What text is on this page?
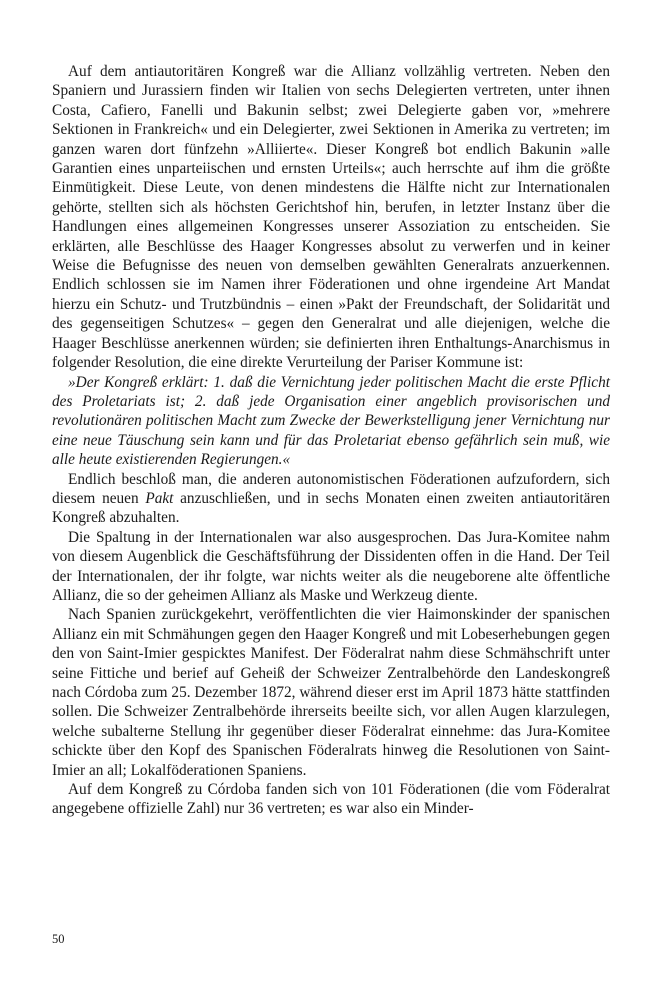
Auf dem antiautoritären Kongreß war die Allianz vollzählig vertreten. Neben den Spaniern und Jurassiern finden wir Italien von sechs Delegierten vertreten, unter ihnen Costa, Cafiero, Fanelli und Bakunin selbst; zwei Delegierte gaben vor, »mehrere Sektionen in Frankreich« und ein Delegierter, zwei Sektionen in Amerika zu vertreten; im ganzen waren dort fünfzehn »Alliierte«. Dieser Kongreß bot endlich Bakunin »alle Garantien eines unparteiischen und ernsten Urteils«; auch herrschte auf ihm die größte Einmütigkeit. Diese Leute, von denen mindestens die Hälfte nicht zur Internationalen gehörte, stellten sich als höchsten Gerichtshof hin, berufen, in letzter Instanz über die Handlungen eines allgemeinen Kongresses unserer Assoziation zu entscheiden. Sie erklärten, alle Beschlüsse des Haager Kongresses absolut zu verwerfen und in keiner Weise die Befugnisse des neuen von demselben gewählten Generalrats anzuerkennen. Endlich schlossen sie im Namen ihrer Föderationen und ohne irgendeine Art Mandat hierzu ein Schutz- und Trutzbündnis – einen »Pakt der Freundschaft, der Solidarität und des gegenseitigen Schutzes« – gegen den Generalrat und alle diejenigen, welche die Haager Beschlüsse anerkennen würden; sie definierten ihren Enthaltungs-Anarchismus in folgender Resolution, die eine direkte Verurteilung der Pariser Kommune ist:

»Der Kongreß erklärt: 1. daß die Vernichtung jeder politischen Macht die erste Pflicht des Proletariats ist; 2. daß jede Organisation einer angeblich provisorischen und revolutionären politischen Macht zum Zwecke der Bewerkstelligung jener Vernichtung nur eine neue Täuschung sein kann und für das Proletariat ebenso gefährlich sein muß, wie alle heute existierenden Regierungen.«

Endlich beschloß man, die anderen autonomistischen Föderationen aufzufordern, sich diesem neuen Pakt anzuschließen, und in sechs Monaten einen zweiten antiautoritären Kongreß abzuhalten.

Die Spaltung in der Internationalen war also ausgesprochen. Das Jura-Komitee nahm von diesem Augenblick die Geschäftsführung der Dissidenten offen in die Hand. Der Teil der Internationalen, der ihr folgte, war nichts weiter als die neugeborene alte öffentliche Allianz, die so der geheimen Allianz als Maske und Werkzeug diente.

Nach Spanien zurückgekehrt, veröffentlichten die vier Haimonskinder der spanischen Allianz ein mit Schmähungen gegen den Haager Kongreß und mit Lobeserhebungen gegen den von Saint-Imier gespicktes Manifest. Der Föderalrat nahm diese Schmähschrift unter seine Fittiche und berief auf Geheiß der Schweizer Zentralbehörde den Landeskongreß nach Córdoba zum 25. Dezember 1872, während dieser erst im April 1873 hätte stattfinden sollen. Die Schweizer Zentralbehörde ihrerseits beeilte sich, vor allen Augen klarzulegen, welche subalterne Stellung ihr gegenüber dieser Föderalrat einnehme: das Jura-Komitee schickte über den Kopf des Spanischen Föderalrats hinweg die Resolutionen von Saint-Imier an all; Lokalföderationen Spaniens.

Auf dem Kongreß zu Córdoba fanden sich von 101 Föderationen (die vom Föderalrat angegebene offizielle Zahl) nur 36 vertreten; es war also ein Minder-

50
